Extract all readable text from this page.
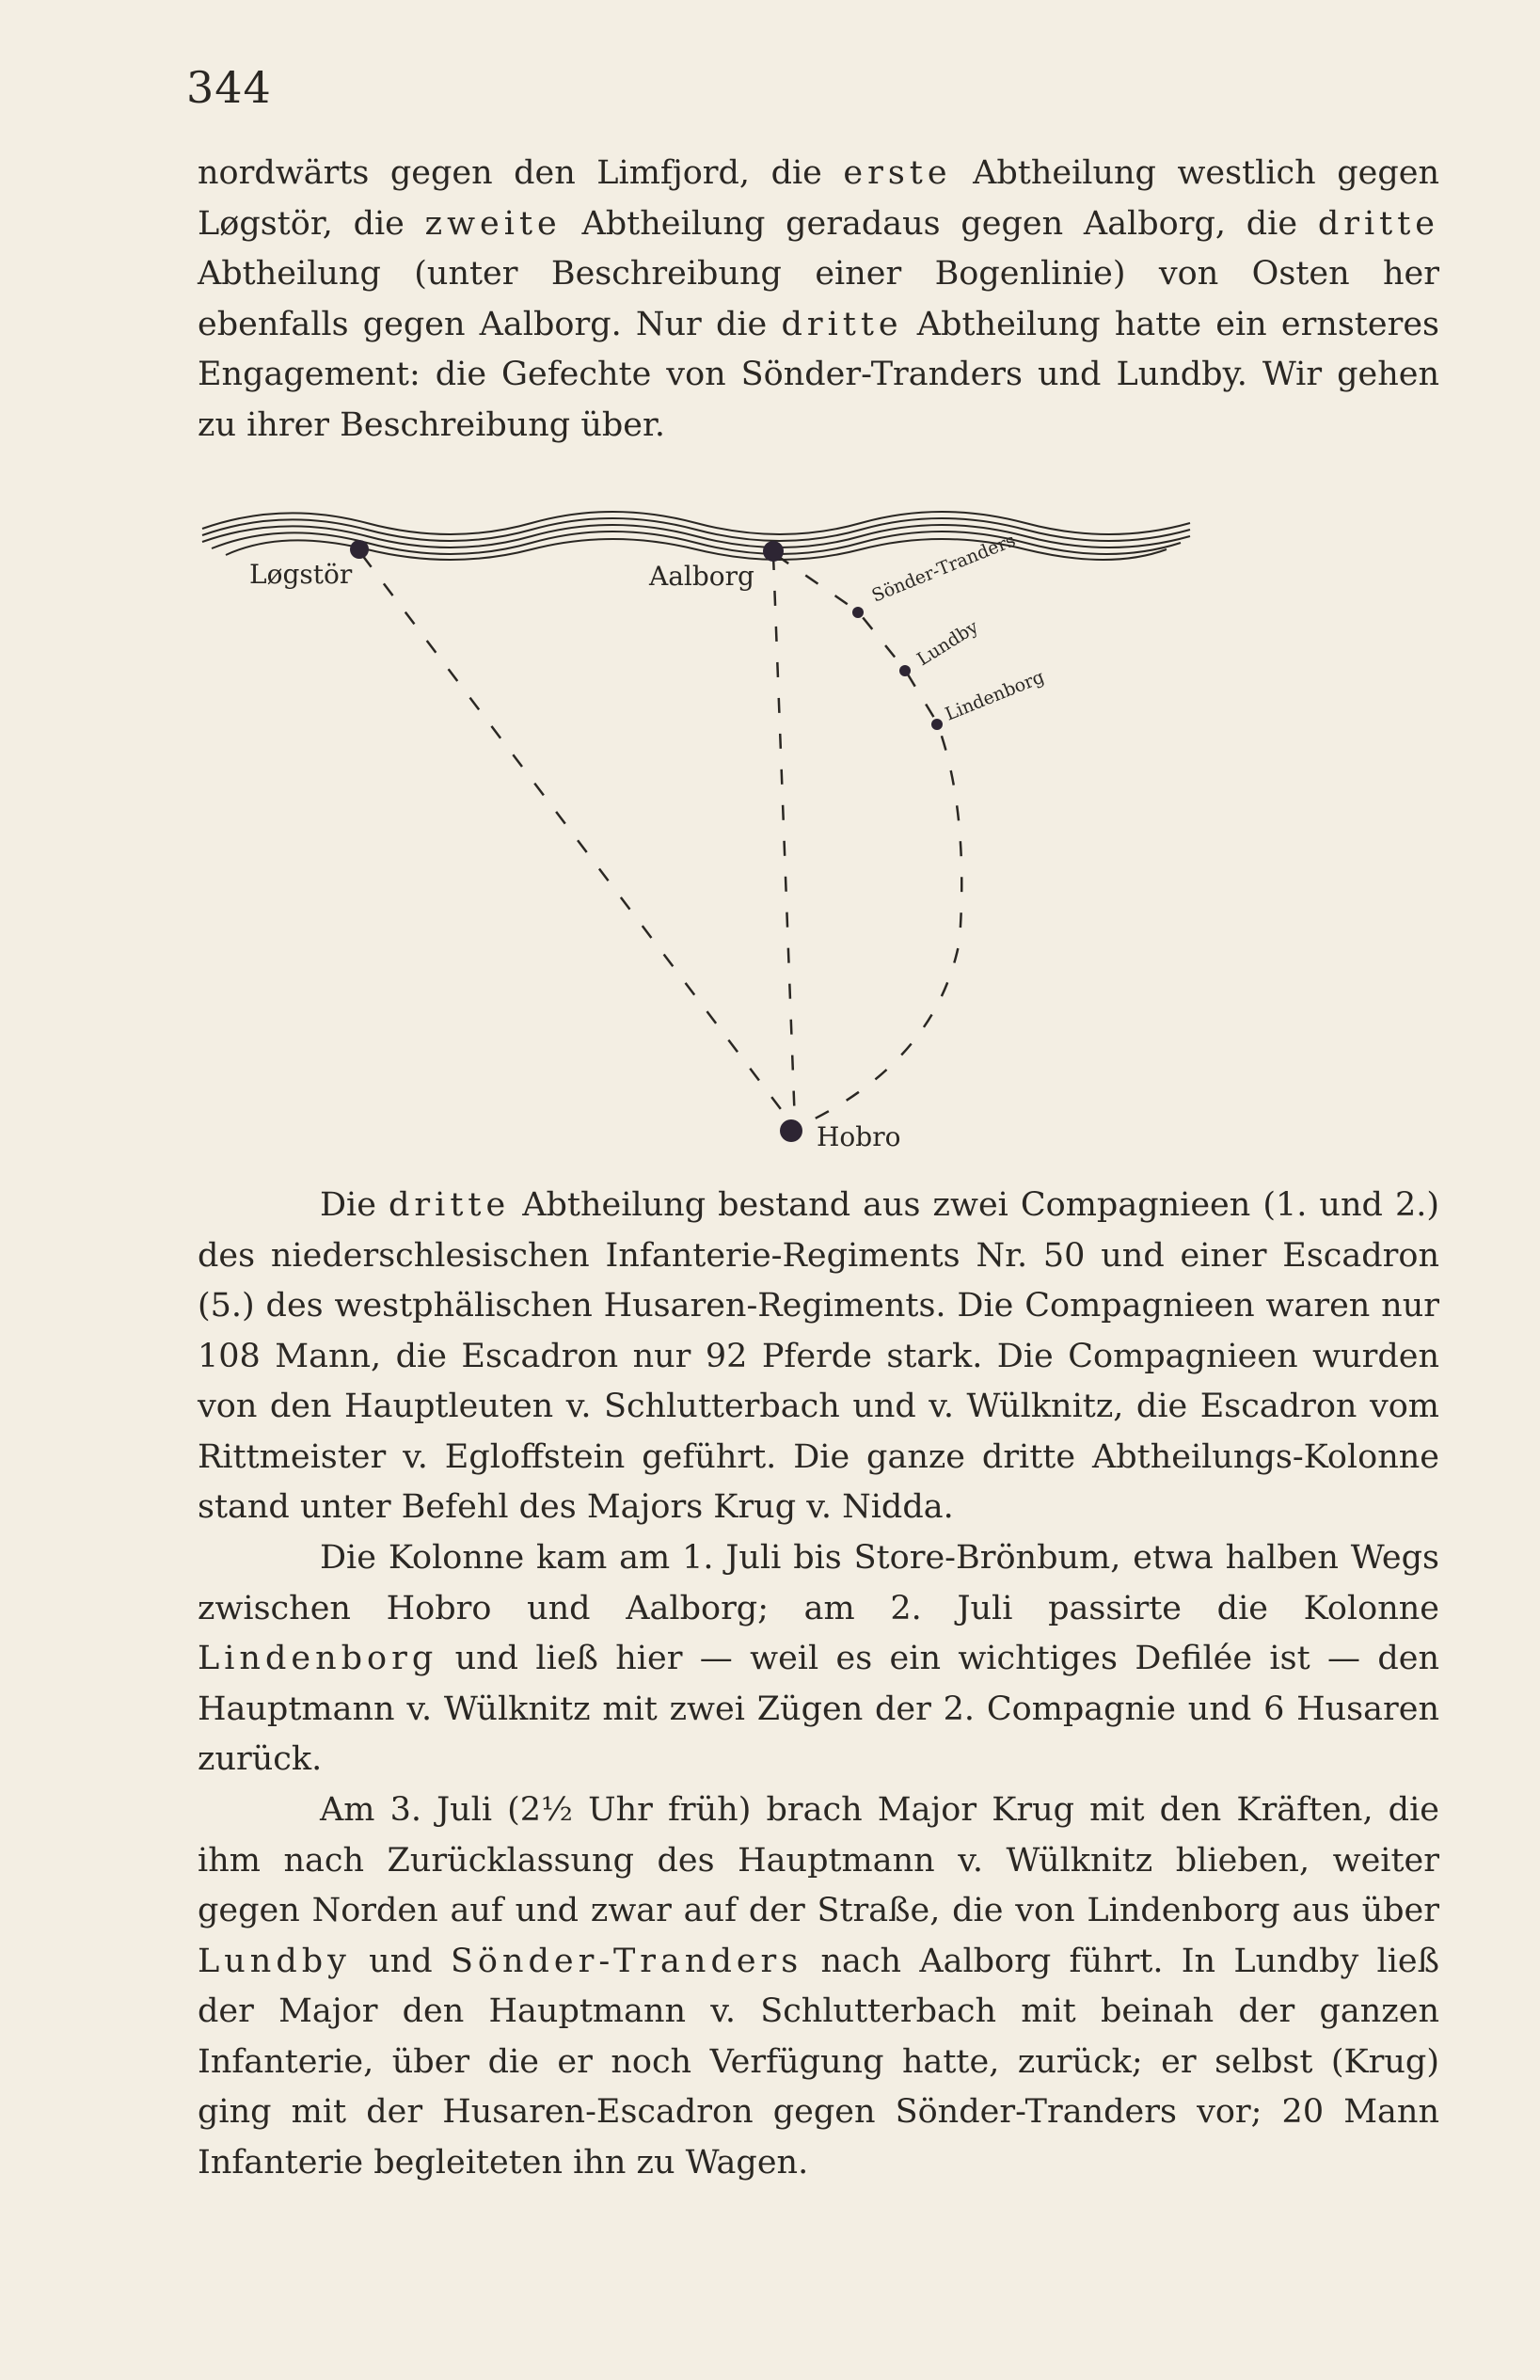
344

nordwärts gegen den Limfjord, die erste Abtheilung westlich gegen Løgstör, die zweite Abtheilung geradaus gegen Aalborg, die dritte Abtheilung (unter Beschreibung einer Bogenlinie) von Osten her ebenfalls gegen Aalborg. Nur die dritte Abtheilung hatte ein ernsteres Engagement: die Gefechte von Sönder-Tranders und Lundby. Wir gehen zu ihrer Beschreibung über.

Løgstör	Aalborg	Sönder-Tranders
Lundby
Lindenborg
Hobro

Die dritte Abtheilung bestand aus zwei Compagnieen (1. und 2.) des niederschlesischen Infanterie-Regiments Nr. 50 und einer Escadron (5.) des westphälischen Husaren-Regiments. Die Compagnieen waren nur 108 Mann, die Escadron nur 92 Pferde stark. Die Compagnieen wurden von den Hauptleuten v. Schlutterbach und v. Wülknitz, die Escadron vom Rittmeister v. Egloffstein geführt. Die ganze dritte Abtheilungs-Kolonne stand unter Befehl des Majors Krug v. Nidda.

Die Kolonne kam am 1. Juli bis Store-Brönbum, etwa halben Wegs zwischen Hobro und Aalborg; am 2. Juli passirte die Kolonne Lindenborg und ließ hier — weil es ein wichtiges Defilée ist — den Hauptmann v. Wülknitz mit zwei Zügen der 2. Compagnie und 6 Husaren zurück.

Am 3. Juli (2½ Uhr früh) brach Major Krug mit den Kräften, die ihm nach Zurücklassung des Hauptmann v. Wülknitz blieben, weiter gegen Norden auf und zwar auf der Straße, die von Lindenborg aus über Lundby und Sönder-Tranders nach Aalborg führt. In Lundby ließ der Major den Hauptmann v. Schlutterbach mit beinah der ganzen Infanterie, über die er noch Verfügung hatte, zurück; er selbst (Krug) ging mit der Husaren-Escadron gegen Sönder-Tranders vor; 20 Mann Infanterie begleiteten ihn zu Wagen.
